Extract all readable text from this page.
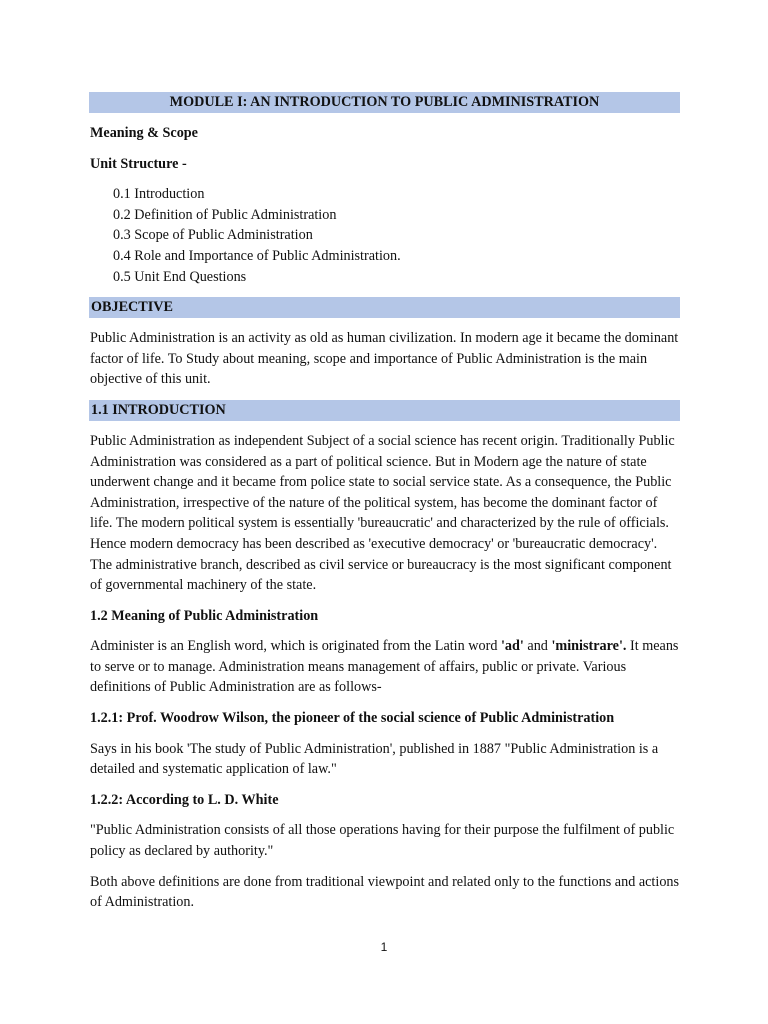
MODULE I: AN INTRODUCTION TO PUBLIC ADMINISTRATION
Meaning & Scope
Unit Structure -
0.1 Introduction
0.2 Definition of Public Administration
0.3 Scope of Public Administration
0.4 Role and Importance of Public Administration.
0.5 Unit End Questions
OBJECTIVE

Public Administration is an activity as old as human civilization. In modern age it became the dominant factor of life. To Study about meaning, scope and importance of Public Administration is the main objective of this unit.

1.1 INTRODUCTION

Public Administration as independent Subject of a social science has recent origin. Traditionally Public Administration was considered as a part of political science. But in Modern age the nature of state underwent change and it became from police state to social service state. As a consequence, the Public Administration, irrespective of the nature of the political system, has become the dominant factor of life. The modern political system is essentially 'bureaucratic' and characterized by the rule of officials. Hence modern democracy has been described as 'executive democracy' or 'bureaucratic democracy'. The administrative branch, described as civil service or bureaucracy is the most significant component of governmental machinery of the state.

1.2 Meaning of Public Administration

Administer is an English word, which is originated from the Latin word 'ad' and 'ministrare'. It means to serve or to manage. Administration means management of affairs, public or private. Various definitions of Public Administration are as follows-

1.2.1: Prof. Woodrow Wilson, the pioneer of the social science of Public Administration

Says in his book 'The study of Public Administration', published in 1887 "Public Administration is a detailed and systematic application of law."

1.2.2: According to L. D. White

"Public Administration consists of all those operations having for their purpose the fulfilment of public policy as declared by authority."

Both above definitions are done from traditional viewpoint and related only to the functions and actions of Administration.

1
